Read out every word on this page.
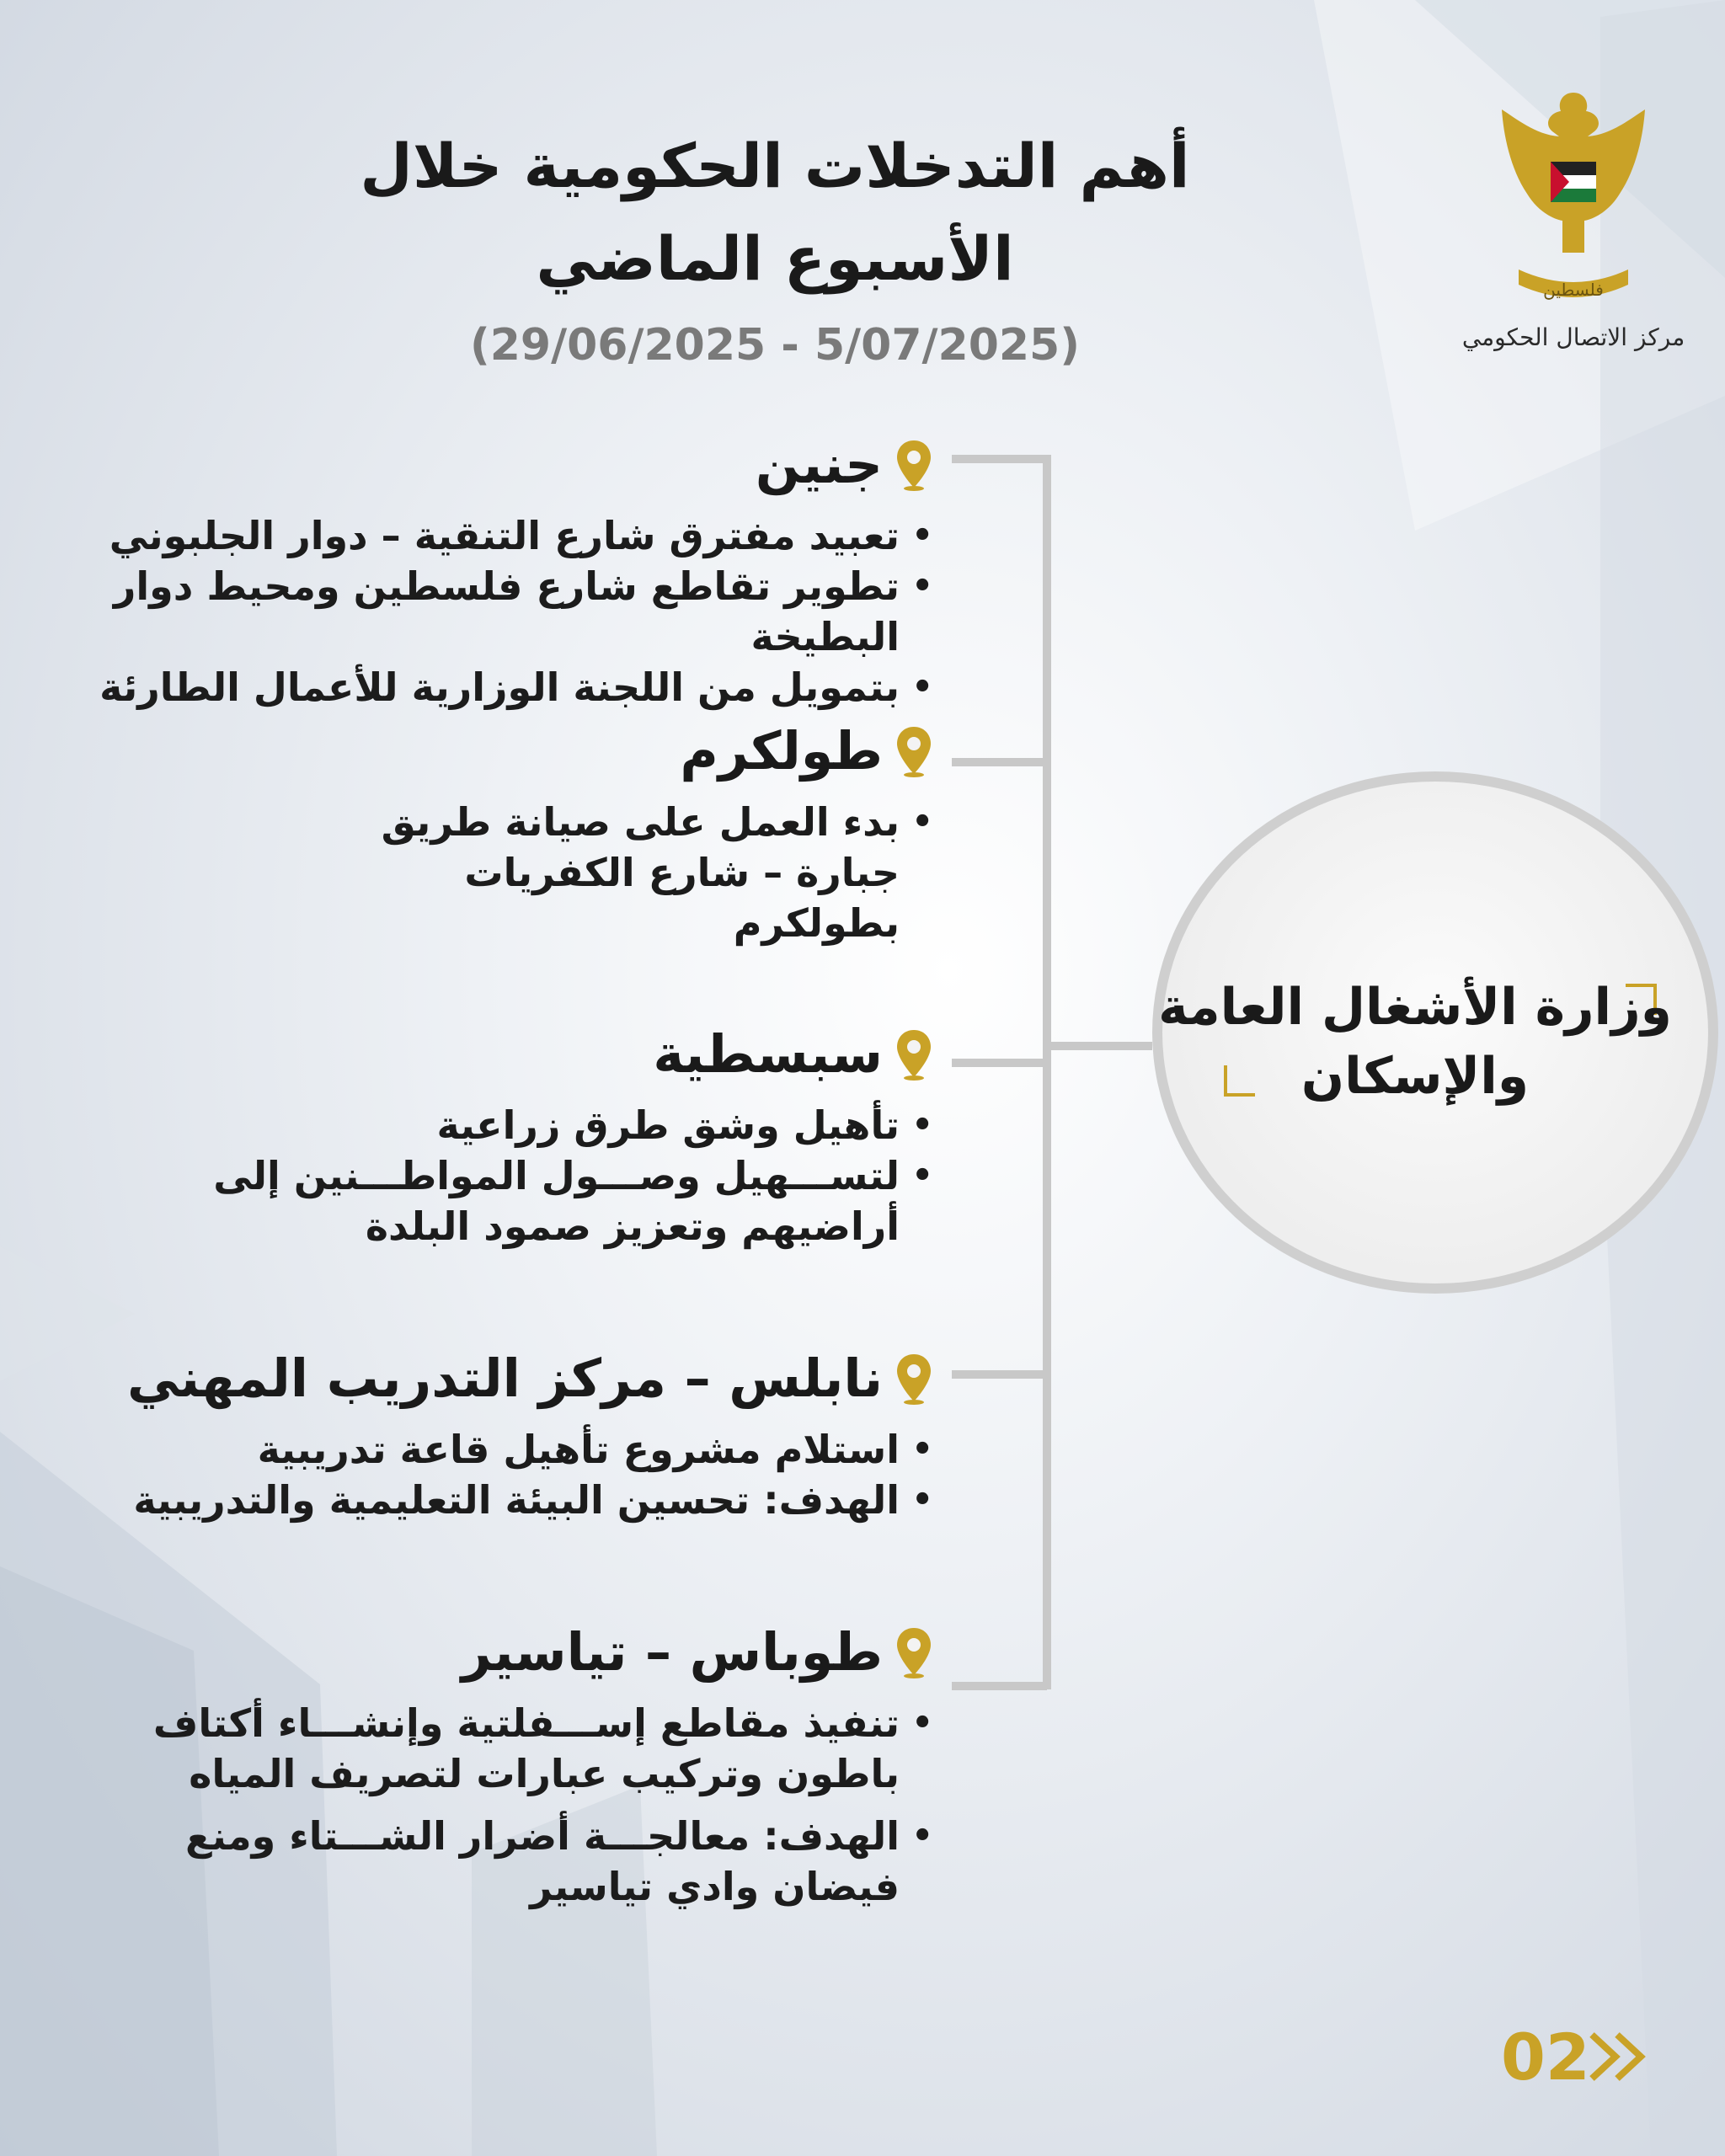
فلسطين
مركز الاتصال الحكومي
أهم التدخلات الحكومية خلال
الأسبوع الماضي
(29/06/2025 - 5/07/2025)
وزارة الأشغال العامة والإسكان
جنين
• تعبيد مفترق شارع التنقية – دوار الجلبوني
• تطوير تقاطع شارع فلسطين ومحيط دوار البطيخة
• بتمويل من اللجنة الوزارية للأعمال الطارئة
طولكرم
• بدء العمل على صيانة طريق جبارة – شارع الكفريات بطولكرم
سبسطية
• تأهيل وشق طرق زراعية
• لتســـهيل وصـــول المواطـــنين إلى أراضيهم وتعزيز صمود البلدة
نابلس – مركز التدريب المهني
• استلام مشروع تأهيل قاعة تدريبية
• الهدف: تحسين البيئة التعليمية والتدريبية
طوباس – تياسير
• تنفيذ مقاطع إســـفلتية وإنشـــاء أكتاف باطون وتركيب عبارات لتصريف المياه
• الهدف: معالجـــة أضرار الشـــتاء ومنع فيضان وادي تياسير
02
